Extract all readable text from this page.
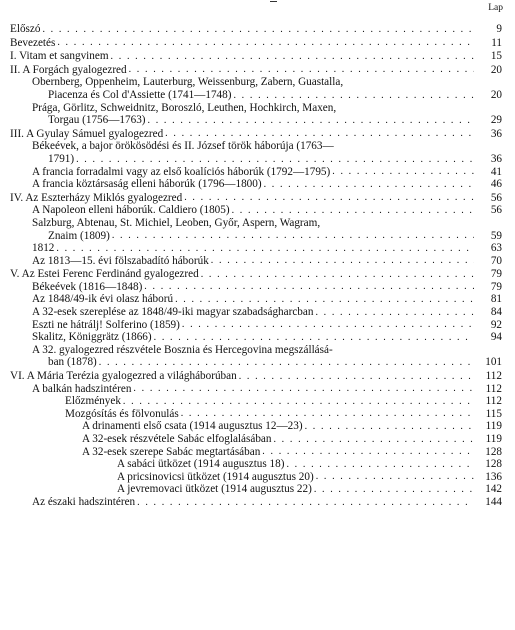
Lap
Előszó . . .	9
Bevezetés . . .	11
I. Vitam et sangvinem . . .	15
II. A Forgách gyalogezred . . .	20
Obernberg, Oppenheim, Lauterburg, Weissenburg, Zabern, Guastalla,
Piacenza és Col d'Assiette (1741—1748) . . .	20
Prága, Görlitz, Schweidnitz, Boroszló, Leuthen, Hochkirch, Maxen,
Torgau (1756—1763) . . .	29
III. A Gyulay Sámuel gyalogezred . . .	36
Békeévek, a bajor örökösödési és II. József török háborúja (1763—
1791) . . .	36
A francia forradalmi vagy az első koalíciós háborúk (1792—1795) . . .	41
A francia köztársaság elleni háborúk (1796—1800) . . .	46
IV. Az Eszterházy Miklós gyalogezred . . .	56
A Napoleon elleni háborúk. Caldiero (1805) . . .	56
Salzburg, Abtenau, St. Michiel, Leoben, Győr, Aspern, Wagram,
Znaim (1809) . . .	59
1812 . . .	63
Az 1813—15. évi fölszabadító háborúk . . .	70
V. Az Estei Ferenc Ferdinánd gyalogezred . . .	79
Békeévek (1816—1848) . . .	79
Az 1848/49-ik évi olasz háború . . .	81
A 32-esek szereplése az 1848/49-iki magyar szabadságharcban . . .	84
Eszti ne hátrálj! Solferino (1859) . . .	92
Skalitz, Königgrätz (1866) . . .	94
A 32. gyalogezred részvétele Bosznia és Hercegovina megszállásá-
ban (1878) . . .	101
VI. A Mária Terézia gyalogezred a világháborúban . . .	112
A balkán hadszintéren . . .	112
Előzmények . . .	112
Mozgósítás és fölvonulás . . .	115
A drinamenti első csata (1914 augusztus 12—23) . . .	119
A 32-esek részvétele Sabác elfoglalásában . . .	119
A 32-esek szerepe Sabác megtartásában . . .	128
A sabáci ütközet (1914 augusztus 18) . . .	128
A pricsinovicsi ütközet (1914 augusztus 20) . . .	136
A jevremovaci ütközet (1914 augusztus 22) . . .	142
Az északi hadszintéren . . .	144
